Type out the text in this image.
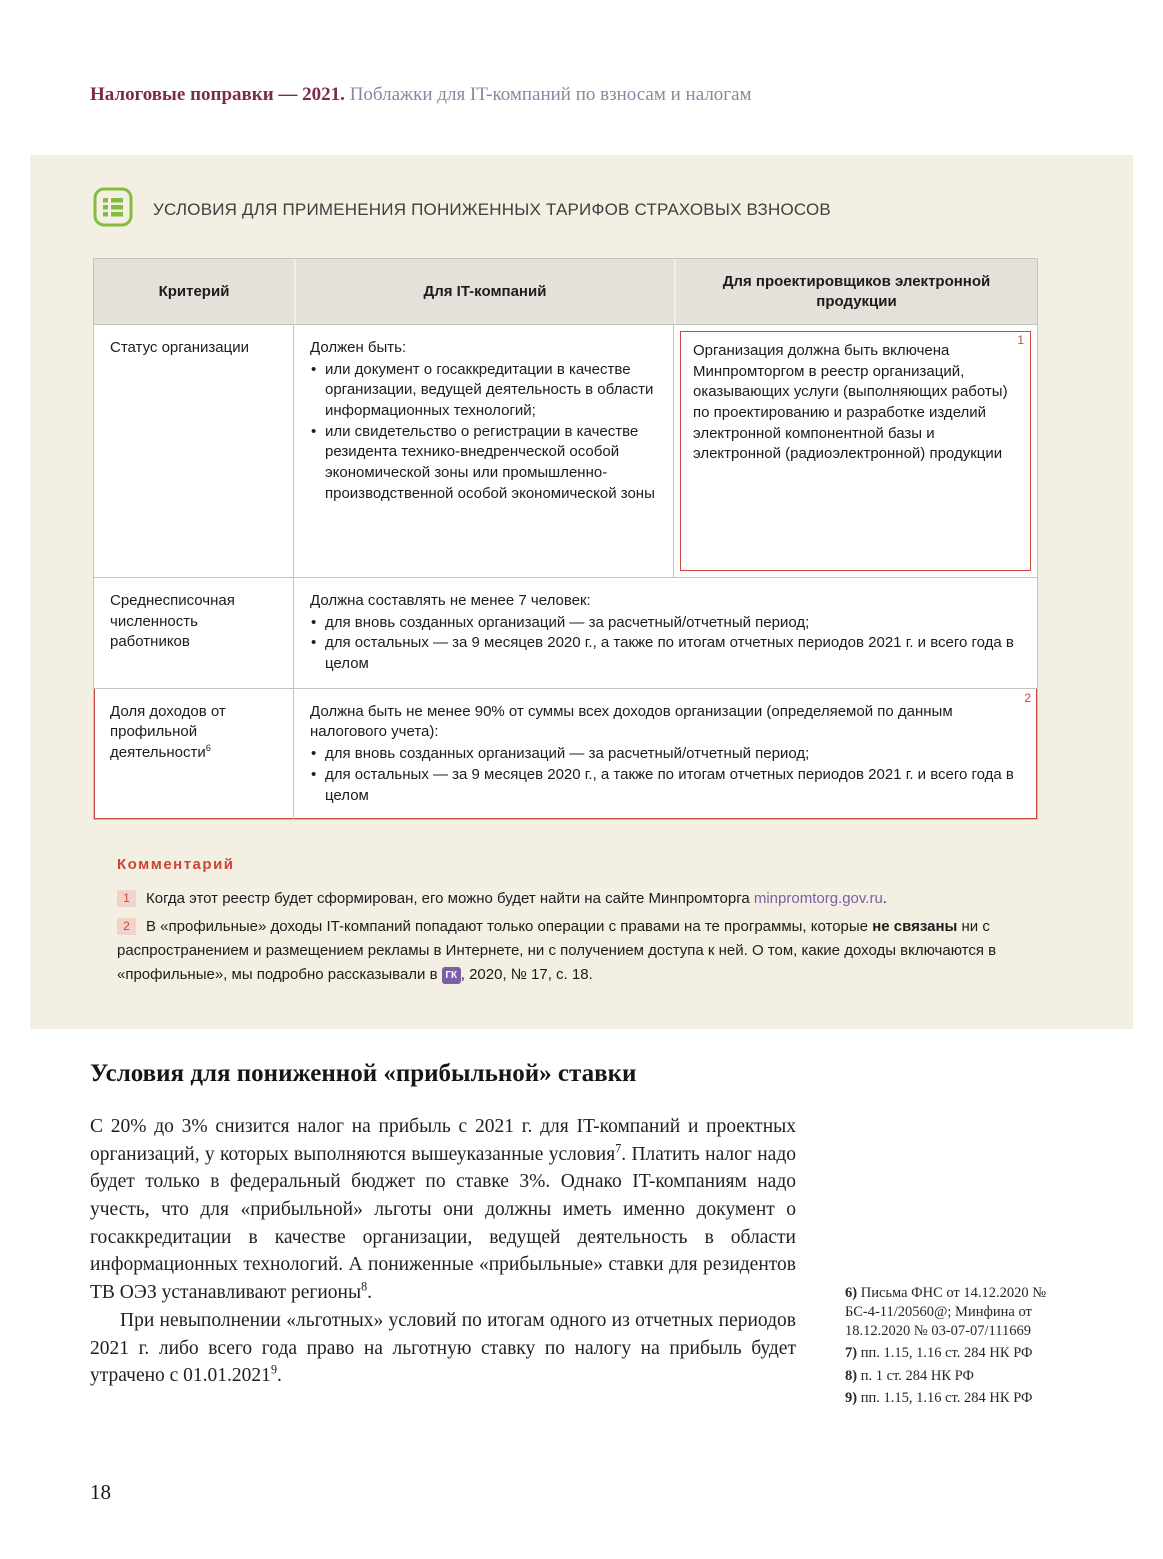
Налоговые поправки — 2021. Поблажки для IT-компаний по взносам и налогам
УСЛОВИЯ ДЛЯ ПРИМЕНЕНИЯ ПОНИЖЕННЫХ ТАРИФОВ СТРАХОВЫХ ВЗНОСОВ
Критерий	Для IT-компаний
Для проектировщиков электронной продукции
Статус организации	Должен быть:
• или документ о госаккредитации в качестве организации, ведущей деятельность в области информационных технологий;
• или свидетельство о регистрации в качестве резидента технико-внедренческой особой экономической зоны или промышленно-производственной особой экономической зоны
1
Организация должна быть включена Минпромторгом в реестр организаций, оказывающих услуги (выполняющих работы) по проектированию и разработке изделий электронной компонентной базы и электронной (радиоэлектронной) продукции
Среднесписочная численность работников
Должна составлять не менее 7 человек:
• для вновь созданных организаций — за расчетный/отчетный период;
• для остальных — за 9 месяцев 2020 г., а также по итогам отчетных периодов 2021 г. и всего года в целом
2
Доля доходов от профильной деятельности$^6$
Должна быть не менее 90% от суммы всех доходов организации (определяемой по данным налогового учета):
• для вновь созданных организаций — за расчетный/отчетный период;
• для остальных — за 9 месяцев 2020 г., а также по итогам отчетных периодов 2021 г. и всего года в целом
Комментарий
1 Когда этот реестр будет сформирован, его можно будет найти на сайте Минпромторга minpromtorg.gov.ru.
2 В «профильные» доходы IT-компаний попадают только операции с правами на те программы, которые не связаны ни с распространением и размещением рекламы в Интернете, ни с получением доступа к ней. О том, какие доходы включаются в «профильные», мы подробно рассказывали в ГК , 2020, № 17, с. 18.
Условия для пониженной «прибыльной» ставки

С 20% до 3% снизится налог на прибыль с 2021 г. для IT-компаний и проектных организаций, у которых выполняются вышеуказанные условия$^7$. Платить налог надо будет только в федеральный бюджет по ставке 3%. Однако IT-компаниям надо учесть, что для «прибыльной» льготы они должны иметь именно документ о госаккредитации в качестве организации, ведущей деятельность в области информационных технологий. А пониженные «прибыльные» ставки для резидентов ТВ ОЭЗ устанавливают регионы$^8$.

При невыполнении «льготных» условий по итогам одного из отчетных периодов 2021 г. либо всего года право на льготную ставку по налогу на прибыль будет утрачено с 01.01.2021$^9$.

6) Письма ФНС от 14.12.2020 № БС-4-11/20560@; Минфина от 18.12.2020 № 03-07-07/111669
7) пп. 1.15, 1.16 ст. 284 НК РФ
8) п. 1 ст. 284 НК РФ
9) пп. 1.15, 1.16 ст. 284 НК РФ
18
